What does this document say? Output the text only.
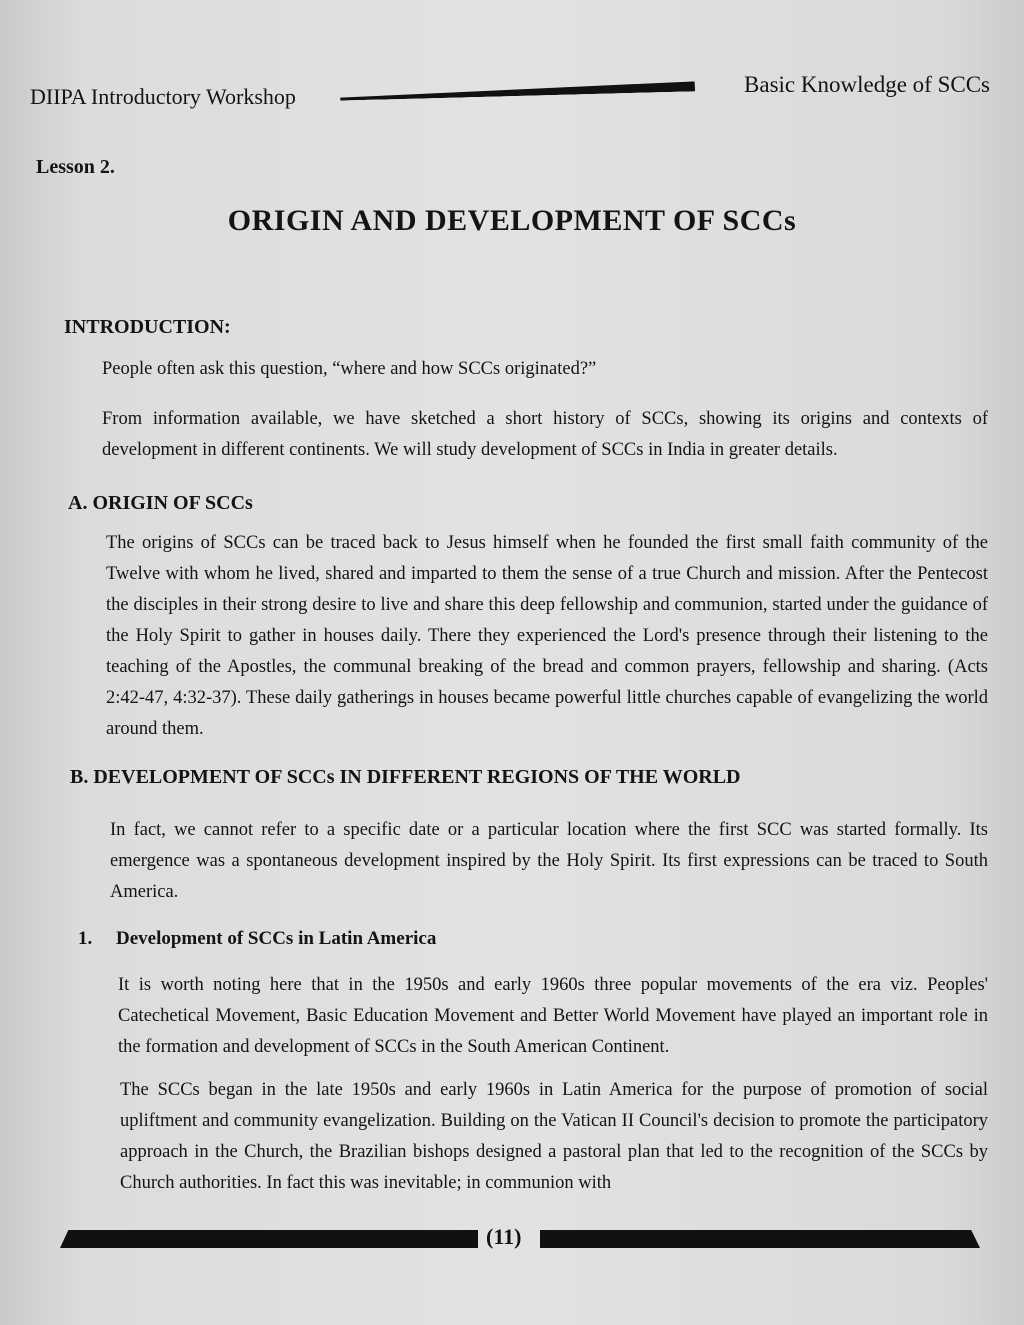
DIIPA Introductory Workshop	Basic Knowledge of SCCs
Lesson 2.
ORIGIN AND DEVELOPMENT OF SCCs
INTRODUCTION:
People often ask this question, “where and how SCCs originated?”
From information available, we have sketched a short history of SCCs, showing its origins and contexts of development in different continents. We will study development of SCCs in India in greater details.
A. ORIGIN OF SCCs
The origins of SCCs can be traced back to Jesus himself when he founded the first small faith community of the Twelve with whom he lived, shared and imparted to them the sense of a true Church and mission. After the Pentecost the disciples in their strong desire to live and share this deep fellowship and communion, started under the guidance of the Holy Spirit to gather in houses daily. There they experienced the Lord's presence through their listening to the teaching of the Apostles, the communal breaking of the bread and common prayers, fellowship and sharing. (Acts 2:42-47, 4:32-37). These daily gatherings in houses became powerful little churches capable of evangelizing the world around them.
B. DEVELOPMENT OF SCCs IN DIFFERENT REGIONS OF THE WORLD
In fact, we cannot refer to a specific date or a particular location where the first SCC was started formally. Its emergence was a spontaneous development inspired by the Holy Spirit. Its first expressions can be traced to South America.
1. Development of SCCs in Latin America
It is worth noting here that in the 1950s and early 1960s three popular movements of the era viz. Peoples' Catechetical Movement, Basic Education Movement and Better World Movement have played an important role in the formation and development of SCCs in the South American Continent.
The SCCs began in the late 1950s and early 1960s in Latin America for the purpose of promotion of social upliftment and community evangelization. Building on the Vatican II Council's decision to promote the participatory approach in the Church, the Brazilian bishops designed a pastoral plan that led to the recognition of the SCCs by Church authorities. In fact this was inevitable; in communion with
(11)
